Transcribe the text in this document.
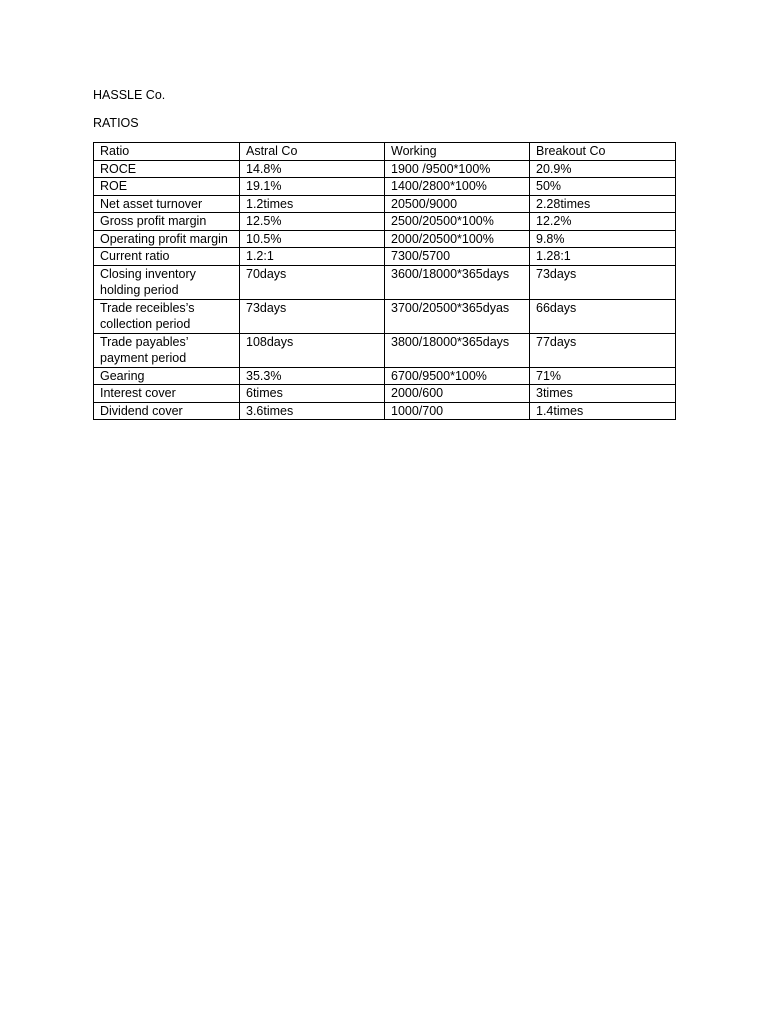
HASSLE Co.
RATIOS
Ratio	Astral Co	Working	Breakout Co
ROCE	14.8%	1900 /9500*100%	20.9%
ROE	19.1%	1400/2800*100%	50%
Net asset turnover	1.2times	20500/9000	2.28times
Gross profit margin	12.5%	2500/20500*100%	12.2%
Operating profit margin	10.5%	2000/20500*100%	9.8%
Current ratio	1.2:1	7300/5700	1.28:1
Closing inventory holding period	70days	3600/18000*365days	73days
Trade receibles’s collection period	73days	3700/20500*365dyas	66days
Trade payables’ payment period	108days	3800/18000*365days	77days
Gearing	35.3%	6700/9500*100%	71%
Interest cover	6times	2000/600	3times
Dividend cover	3.6times	1000/700	1.4times
